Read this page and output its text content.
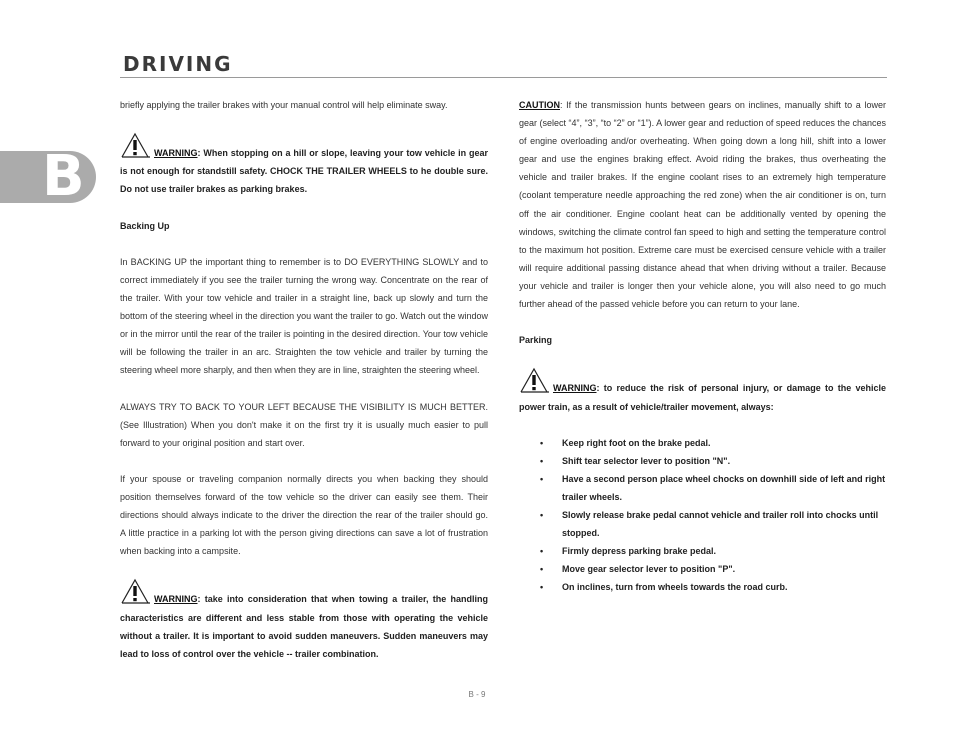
DRIVING
B

briefly applying the trailer brakes with your manual control will help eliminate sway.

WARNING: When stopping on a hill or slope, leaving your tow vehicle in gear is not enough for standstill safety. CHOCK THE TRAILER WHEELS to he double sure. Do not use trailer brakes as parking brakes.

Backing Up

In BACKING UP the important thing to remember is to DO EVERYTHING SLOWLY and to correct immediately if you see the trailer turning the wrong way. Concentrate on the rear of the trailer. With your tow vehicle and trailer in a straight line, back up slowly and turn the bottom of the steering wheel in the direction you want the trailer to go. Watch out the window or in the mirror until the rear of the trailer is pointing in the desired direction. Your tow vehicle will be following the trailer in an arc. Straighten the tow vehicle and trailer by turning the steering wheel more sharply, and then when they are in line, straighten the steering wheel.

ALWAYS TRY TO BACK TO YOUR LEFT BECAUSE THE VISIBILITY IS MUCH BETTER. (See Illustration) When you don't make it on the first try it is usually much easier to pull forward to your original position and start over.

If your spouse or traveling companion normally directs you when backing they should position themselves forward of the tow vehicle so the driver can easily see them. Their directions should always indicate to the driver the direction the rear of the trailer should go. A little practice in a parking lot with the person giving directions can save a lot of frustration when backing into a campsite.

WARNING: take into consideration that when towing a trailer, the handling characteristics are different and less stable from those with operating the vehicle without a trailer. It is important to avoid sudden maneuvers. Sudden maneuvers may lead to loss of control over the vehicle -- trailer combination.

CAUTION: If the transmission hunts between gears on inclines, manually shift to a lower gear (select “4”, “3”, “to “2” or “1”). A lower gear and reduction of speed reduces the chances of engine overloading and/or overheating. When going down a long hill, shift into a lower gear and use the engines braking effect. Avoid riding the brakes, thus overheating the vehicle and trailer brakes. If the engine coolant rises to an extremely high temperature (coolant temperature needle approaching the red zone) when the air conditioner is on, turn off the air conditioner. Engine coolant heat can be additionally vented by opening the windows, switching the climate control fan speed to high and setting the temperature control to the maximum hot position. Extreme care must be exercised censure vehicle with a trailer will require additional passing distance ahead that when driving without a trailer. Because your vehicle and trailer is longer then your vehicle alone, you will also need to go much further ahead of the passed vehicle before you can return to your lane.

Parking

WARNING: to reduce the risk of personal injury, or damage to the vehicle power train, as a result of vehicle/trailer movement, always:

• Keep right foot on the brake pedal.
• Shift tear selector lever to position "N".
• Have a second person place wheel chocks on downhill side of left and right trailer wheels.
• Slowly release brake pedal cannot vehicle and trailer roll into chocks until stopped.
• Firmly depress parking brake pedal.
• Move gear selector lever to position "P".
• On inclines, turn from wheels towards the road curb.
B - 9
